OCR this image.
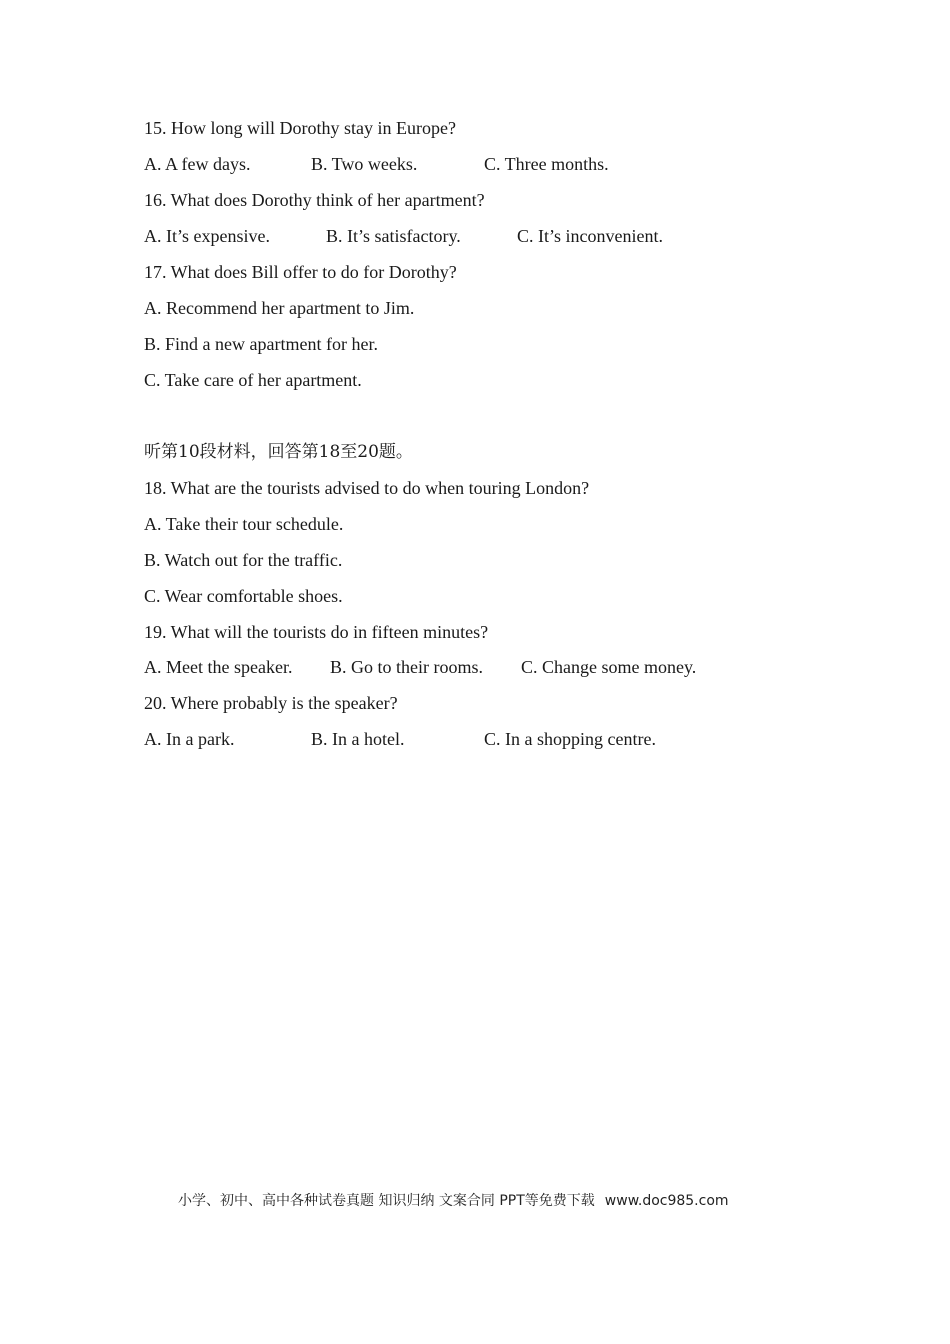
15. How long will Dorothy stay in Europe?
A. A few days.	B. Two weeks.	C. Three months.
16. What does Dorothy think of her apartment?
A. It’s expensive.	B. It’s satisfactory.	C. It’s inconvenient.
17. What does Bill offer to do for Dorothy?
A. Recommend her apartment to Jim.
B. Find a new apartment for her.
C. Take care of her apartment.
听第10段材料，回答第18至20题。
18. What are the tourists advised to do when touring London?
A. Take their tour schedule.
B. Watch out for the traffic.
C. Wear comfortable shoes.
19. What will the tourists do in fifteen minutes?
A. Meet the speaker. B. Go to their rooms. C. Change some money.
20. Where probably is the speaker?
A. In a park.	B. In a hotel.	C. In a shopping centre.
小学、初中、高中各种试卷真题 知识归纳 文案合同 PPT等免费下载 www.doc985.com
